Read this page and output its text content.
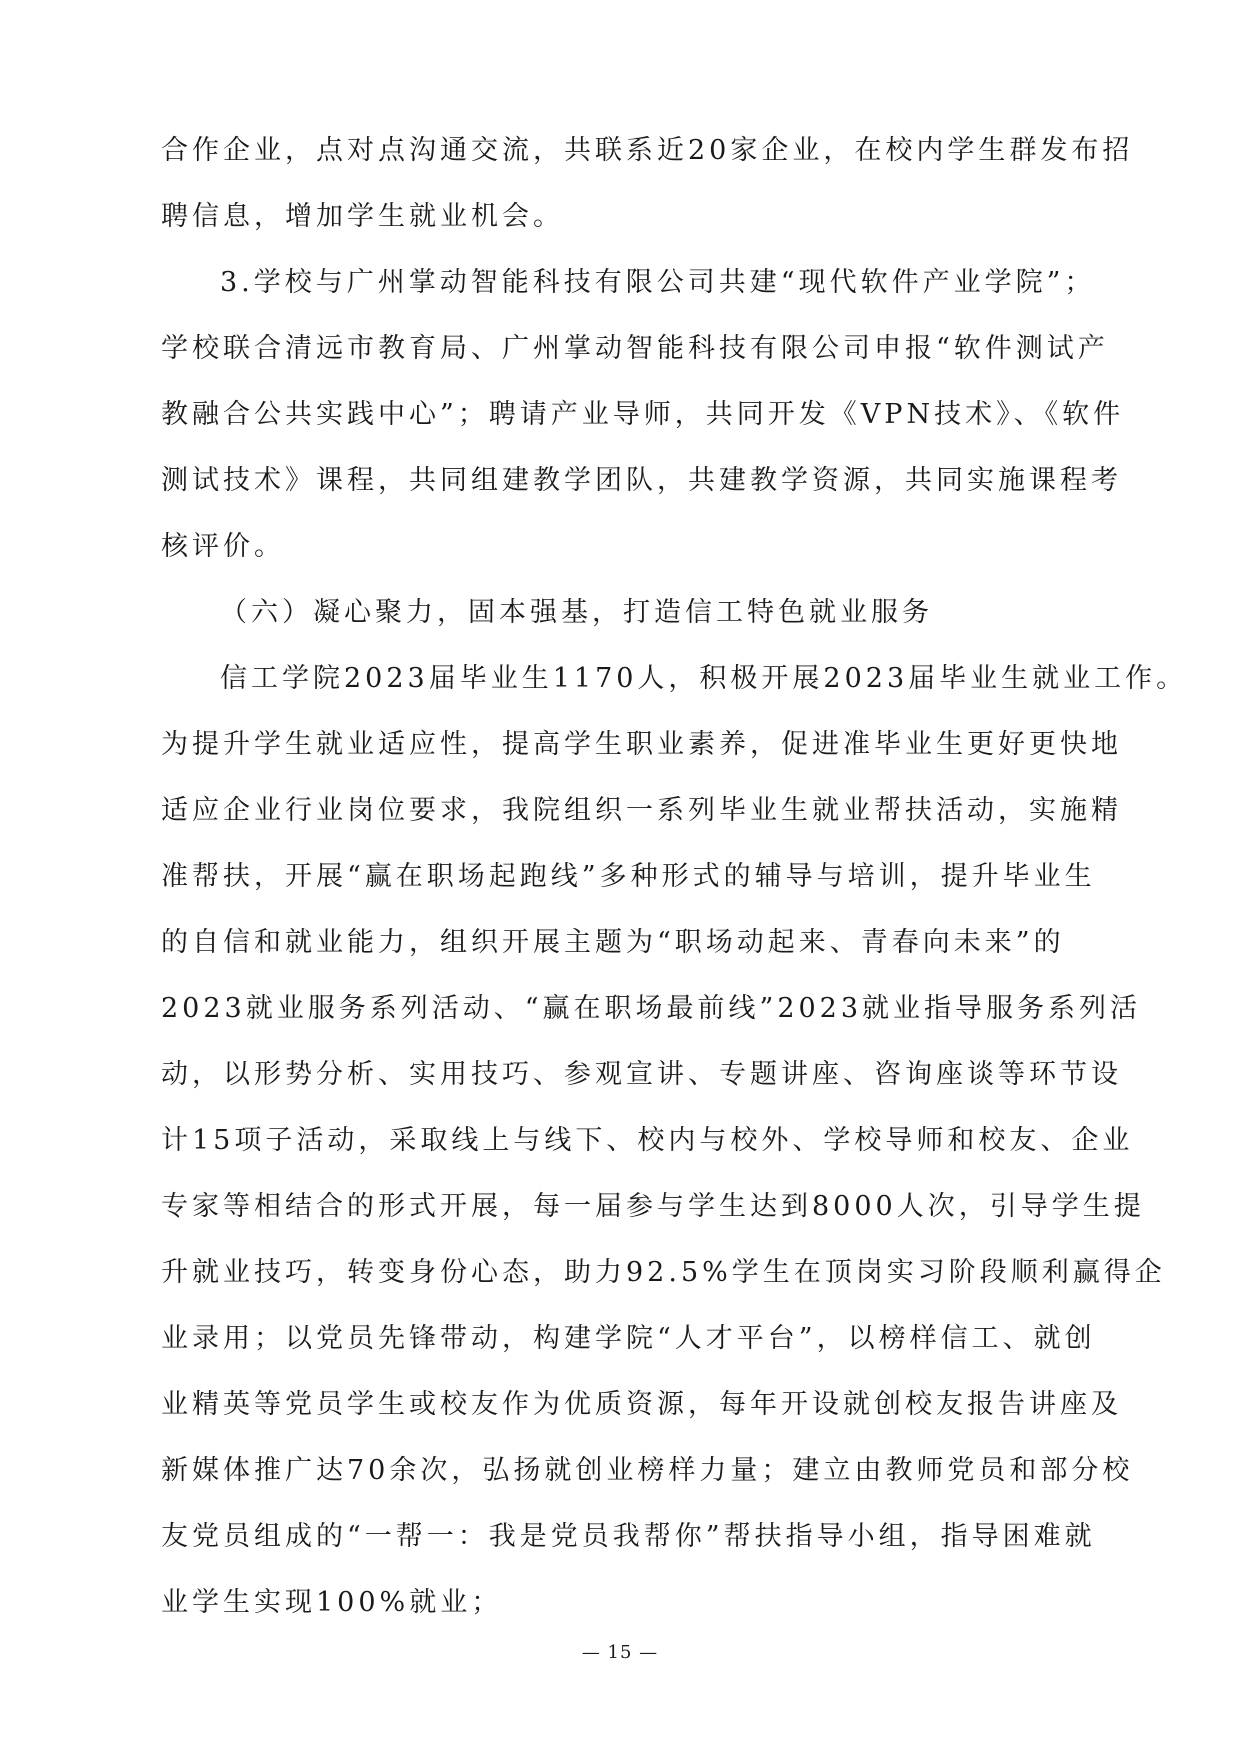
合作企业，点对点沟通交流，共联系近20家企业，在校内学生群发布招
聘信息，增加学生就业机会。
3.学校与广州掌动智能科技有限公司共建“现代软件产业学院”；
学校联合清远市教育局、广州掌动智能科技有限公司申报“软件测试产
教融合公共实践中心”；聘请产业导师，共同开发《VPN技术》、《软件
测试技术》课程，共同组建教学团队，共建教学资源，共同实施课程考
核评价。
（六）凝心聚力，固本强基，打造信工特色就业服务
信工学院2023届毕业生1170人，积极开展2023届毕业生就业工作。
为提升学生就业适应性，提高学生职业素养，促进准毕业生更好更快地
适应企业行业岗位要求，我院组织一系列毕业生就业帮扶活动，实施精
准帮扶，开展“赢在职场起跑线”多种形式的辅导与培训，提升毕业生
的自信和就业能力，组织开展主题为“职场动起来、青春向未来”的
2023就业服务系列活动、“赢在职场最前线”2023就业指导服务系列活
动，以形势分析、实用技巧、参观宣讲、专题讲座、咨询座谈等环节设
计15项子活动，采取线上与线下、校内与校外、学校导师和校友、企业
专家等相结合的形式开展，每一届参与学生达到8000人次，引导学生提
升就业技巧，转变身份心态，助力92.5%学生在顶岗实习阶段顺利赢得企
业录用；以党员先锋带动，构建学院“人才平台”，以榜样信工、就创
业精英等党员学生或校友作为优质资源，每年开设就创校友报告讲座及
新媒体推广达70余次，弘扬就创业榜样力量；建立由教师党员和部分校
友党员组成的“一帮一：我是党员我帮你”帮扶指导小组，指导困难就
业学生实现100%就业；
— 15 —
